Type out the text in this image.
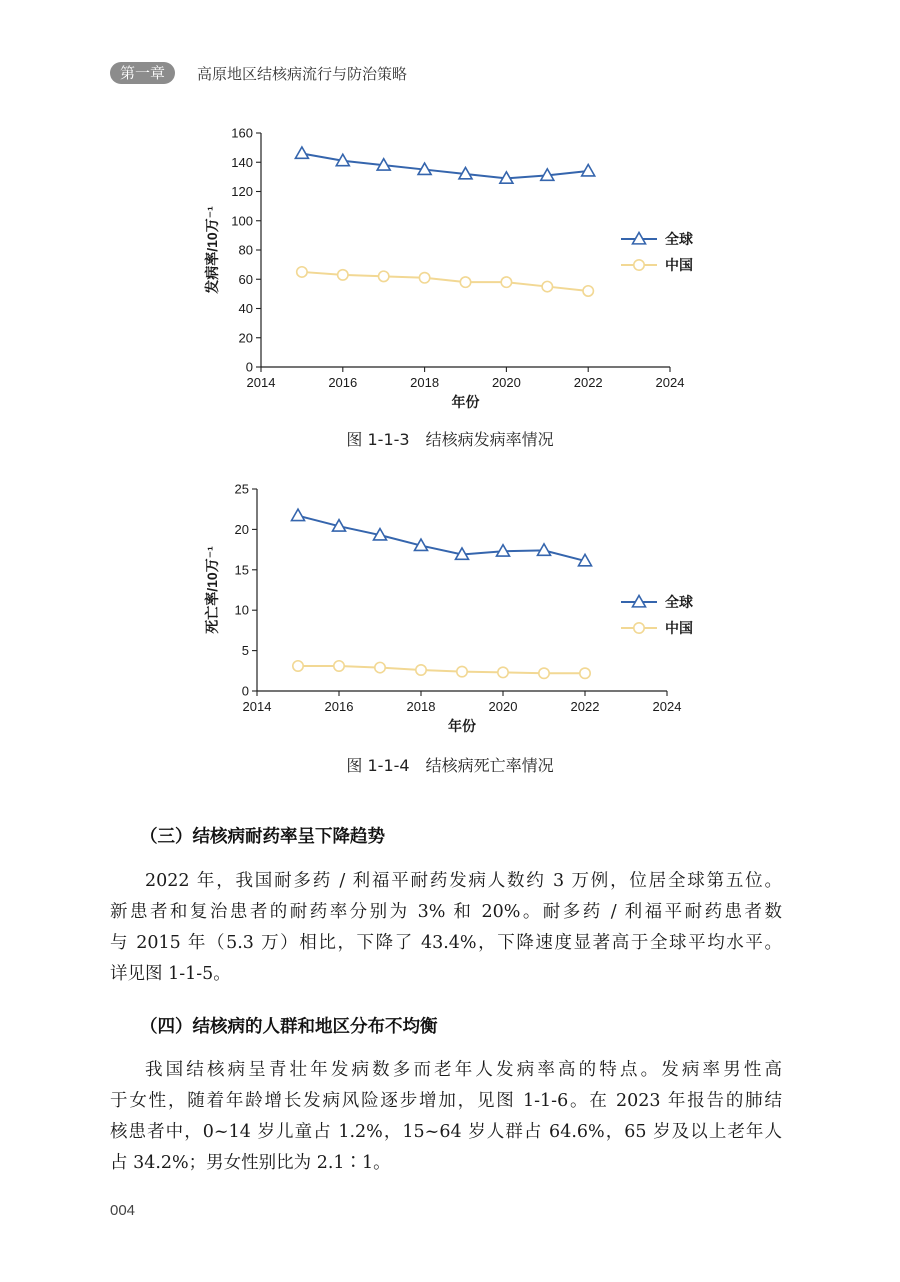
第一章	高原地区结核病流行与防治策略
0
20
40
60
80
100
120
140
160
2014	2016	2018	2020	2022	2024
年份
发病率/10万⁻¹	全球
中国
图 1-1-3　结核病发病率情况
0
5
10
15
20
25
2014	2016	2018	2020	2022	2024
年份
死亡率/10万⁻¹	全球
中国
图 1-1-4　结核病死亡率情况
（三）结核病耐药率呈下降趋势
2022 年，我国耐多药 / 利福平耐药发病人数约 3 万例，位居全球第五位。
新患者和复治患者的耐药率分别为 3% 和 20%。耐多药 / 利福平耐药患者数
与 2015 年（5.3 万）相比，下降了 43.4%，下降速度显著高于全球平均水平。
详见图 1-1-5。
（四）结核病的人群和地区分布不均衡
我国结核病呈青壮年发病数多而老年人发病率高的特点。发病率男性高
于女性，随着年龄增长发病风险逐步增加，见图 1-1-6。在 2023 年报告的肺结
核患者中，0~14 岁儿童占 1.2%，15~64 岁人群占 64.6%，65 岁及以上老年人
占 34.2%；男女性别比为 2.1∶1。
004
